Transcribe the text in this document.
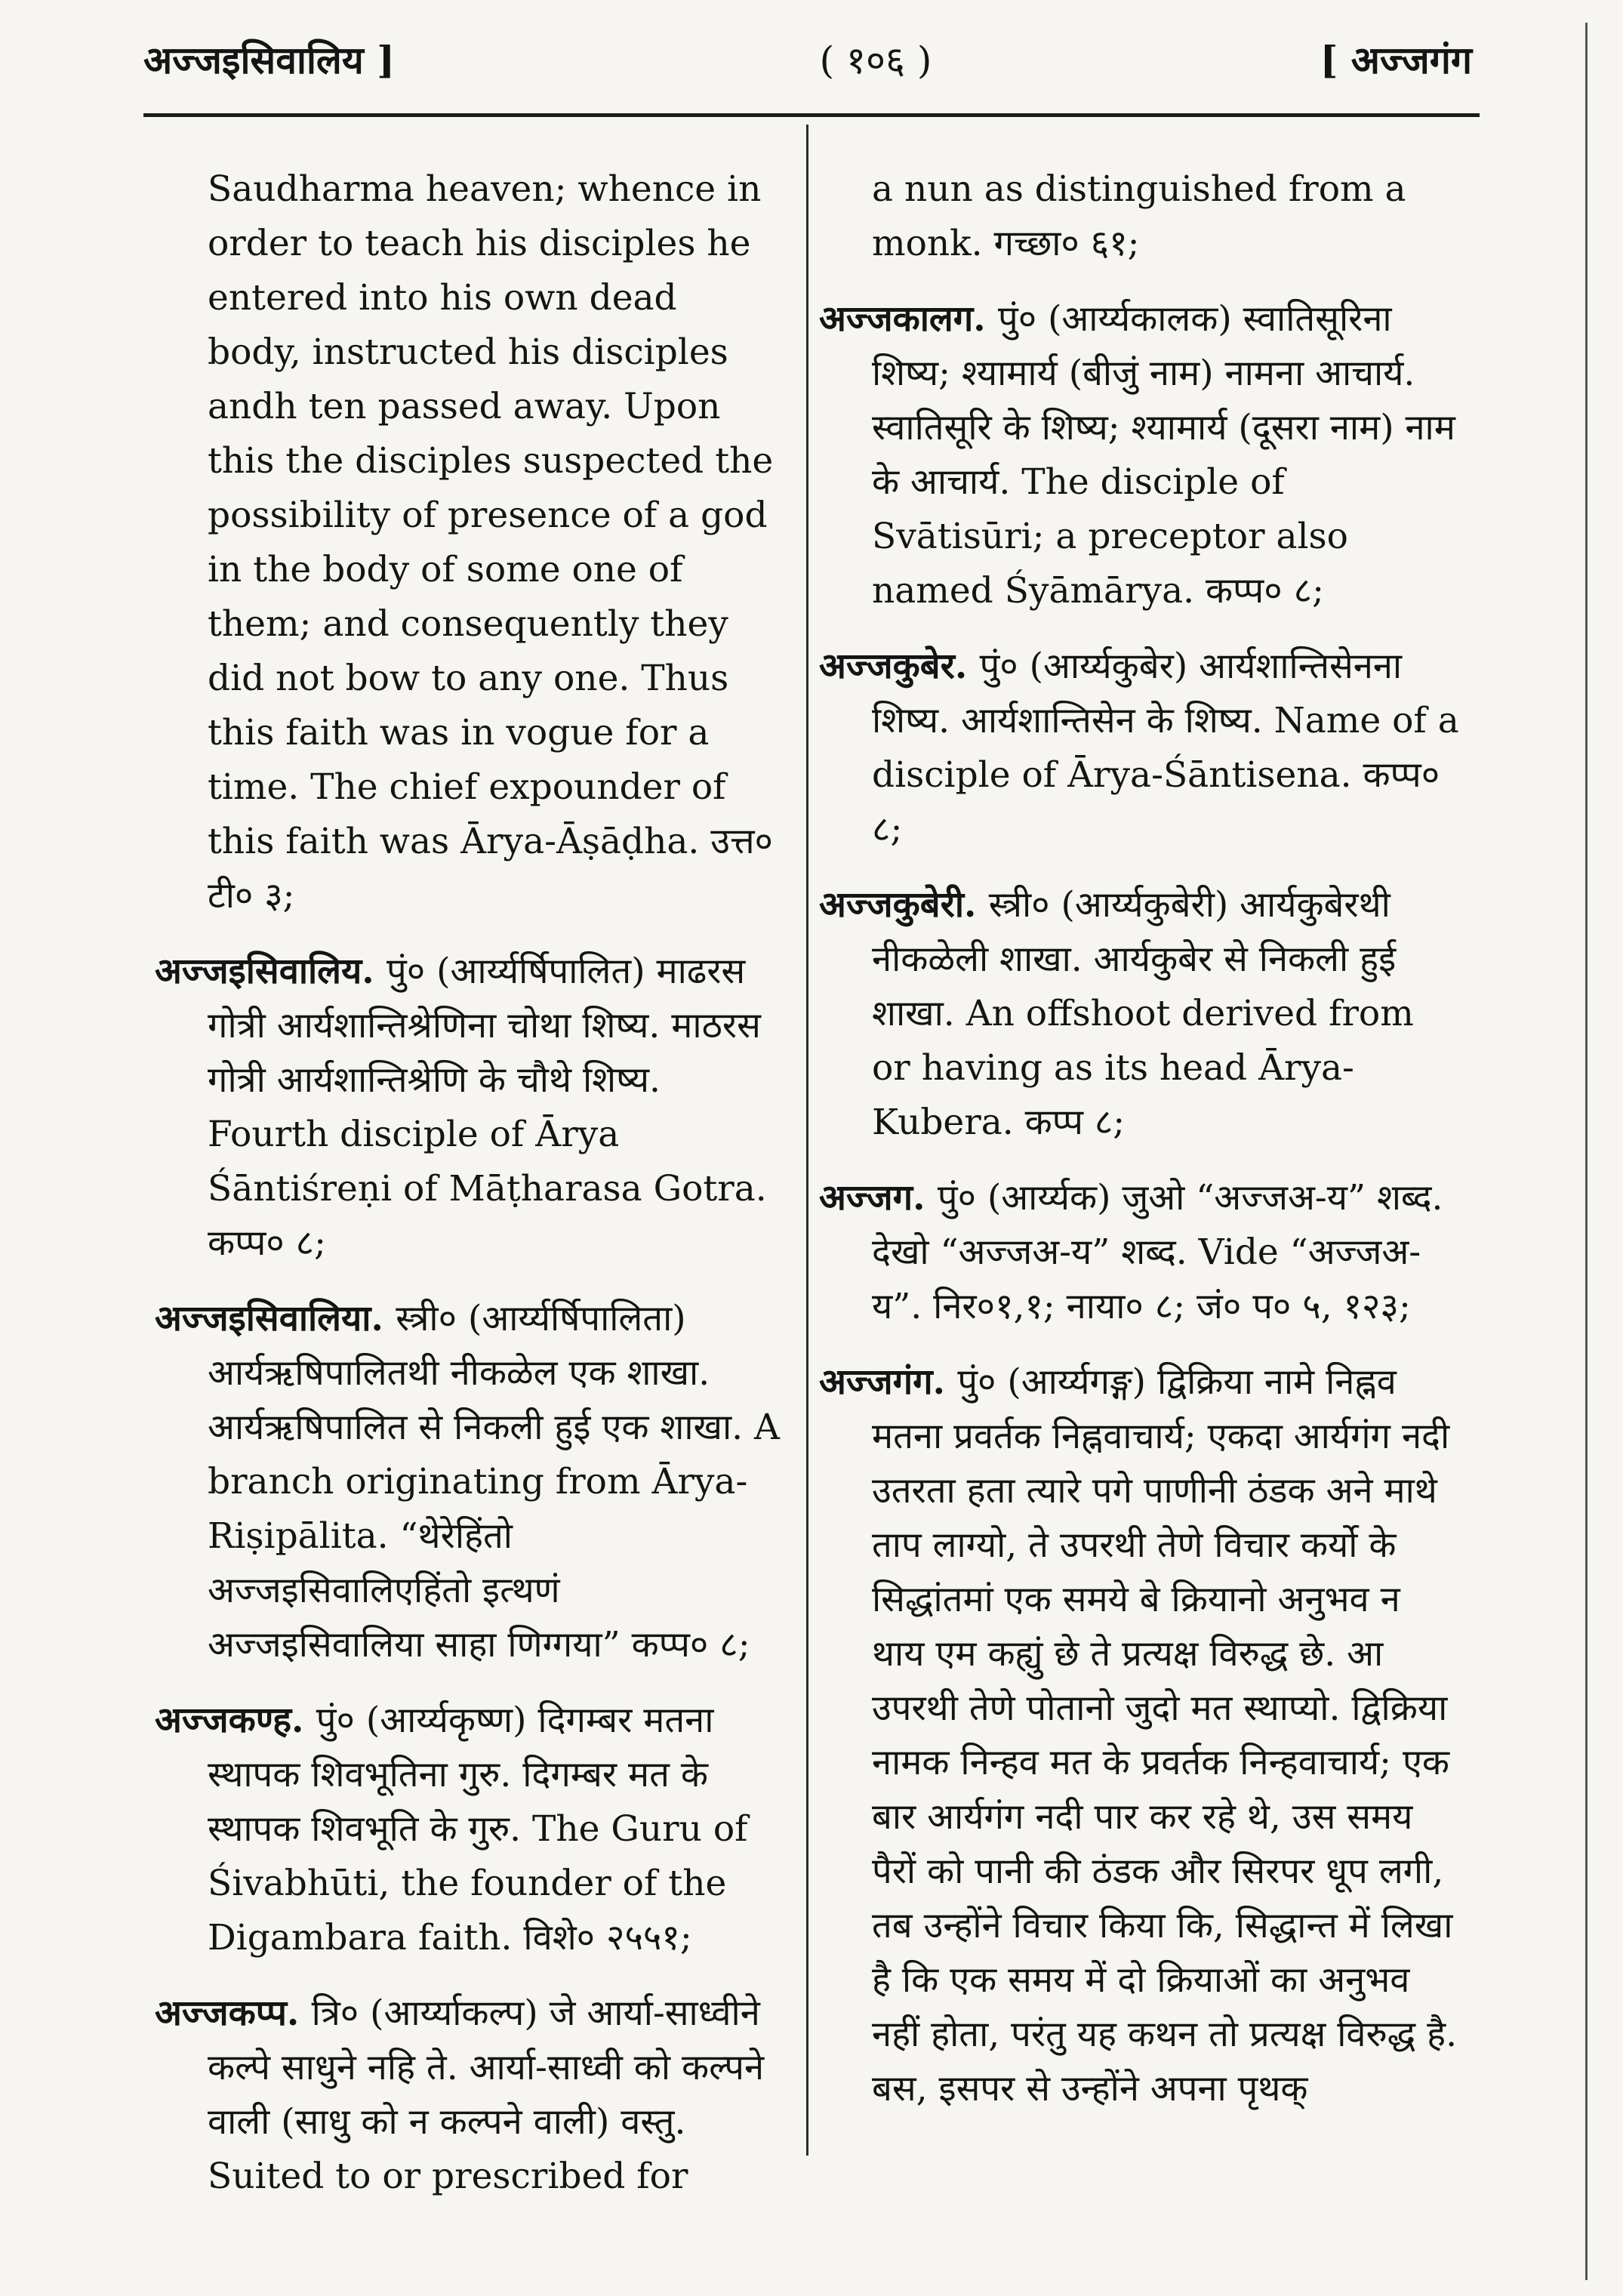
अज्जइसिवालिय ]	( १०६ )	[ अज्जगंग

Saudharma heaven; whence in order to teach his disciples he entered into his own dead body, instructed his disciples andh ten passed away. Upon this the disciples suspected the possibility of presence of a god in the body of some one of them; and consequently they did not bow to any one. Thus this faith was in vogue for a time. The chief expounder of this faith was Ārya-Āṣāḍha. उत्त० टी० ३;

अज्जइसिवालिय. पुं० (आर्य्यर्षिपालित) माढरस गोत्री आर्यशान्तिश्रेणिना चोथा शिष्य. माठरस गोत्री आर्यशान्तिश्रेणि के चौथे शिष्य. Fourth disciple of Ārya Śāntiśreṇi of Māṭharasa Gotra. कप्प० ८;

अज्जइसिवालिया. स्त्री० (आर्य्यर्षिपालिता) आर्यऋषिपालितथी नीकळेल एक शाखा. आर्यऋषिपालित से निकली हुई एक शाखा. A branch originating from Ārya-Riṣipālita. “थेरेहिंतो अज्जइसिवालिएहिंतो इत्थणं अज्जइसिवालिया साहा णिग्गया” कप्प० ८;

अज्जकण्ह. पुं० (आर्य्यकृष्ण) दिगम्बर मतना स्थापक शिवभूतिना गुरु. दिगम्बर मत के स्थापक शिवभूति के गुरु. The Guru of Śivabhūti, the founder of the Digambara faith. विशे० २५५१;

अज्जकप्प. त्रि० (आर्य्याकल्प) जे आर्या-साध्वीने कल्पे साधुने नहि ते. आर्या-साध्वी को कल्पने वाली (साधु को न कल्पने वाली) वस्तु. Suited to or prescribed for

a nun as distinguished from a monk. गच्छा० ६१;

अज्जकालग. पुं० (आर्य्यकालक) स्वातिसूरिना शिष्य; श्यामार्य (बीजुं नाम) नामना आचार्य. स्वातिसूरि के शिष्य; श्यामार्य (दूसरा नाम) नाम के आचार्य. The disciple of Svātisūri; a preceptor also named Śyāmārya. कप्प० ८;

अज्जकुबेर. पुं० (आर्य्यकुबेर) आर्यशान्तिसेनना शिष्य. आर्यशान्तिसेन के शिष्य. Name of a disciple of Ārya-Śāntisena. कप्प० ८;

अज्जकुबेरी. स्त्री० (आर्य्यकुबेरी) आर्यकुबेरथी नीकळेली शाखा. आर्यकुबेर से निकली हुई शाखा. An offshoot derived from or having as its head Ārya-Kubera. कप्प ८;

अज्जग. पुं० (आर्य्यक) जुओ “अज्जअ-य” शब्द. देखो “अज्जअ-य” शब्द. Vide “अज्जअ-य”. निर०१,१; नाया० ८; जं० प० ५, १२३;

अज्जगंग. पुं० (आर्य्यगङ्ग) द्विक्रिया नामे निह्नव मतना प्रवर्तक निह्नवाचार्य; एकदा आर्यगंग नदी उतरता हता त्यारे पगे पाणीनी ठंडक अने माथे ताप लाग्यो, ते उपरथी तेणे विचार कर्यो के सिद्धांतमां एक समये बे क्रियानो अनुभव न थाय एम कह्युं छे ते प्रत्यक्ष विरुद्ध छे. आ उपरथी तेणे पोतानो जुदो मत स्थाप्यो. द्विक्रिया नामक निन्हव मत के प्रवर्तक निन्हवाचार्य; एक बार आर्यगंग नदी पार कर रहे थे, उस समय पैरों को पानी की ठंडक और सिरपर धूप लगी, तब उन्होंने विचार किया कि, सिद्धान्त में लिखा है कि एक समय में दो क्रियाओं का अनुभव नहीं होता, परंतु यह कथन तो प्रत्यक्ष विरुद्ध है. बस, इसपर से उन्होंने अपना पृथक्
